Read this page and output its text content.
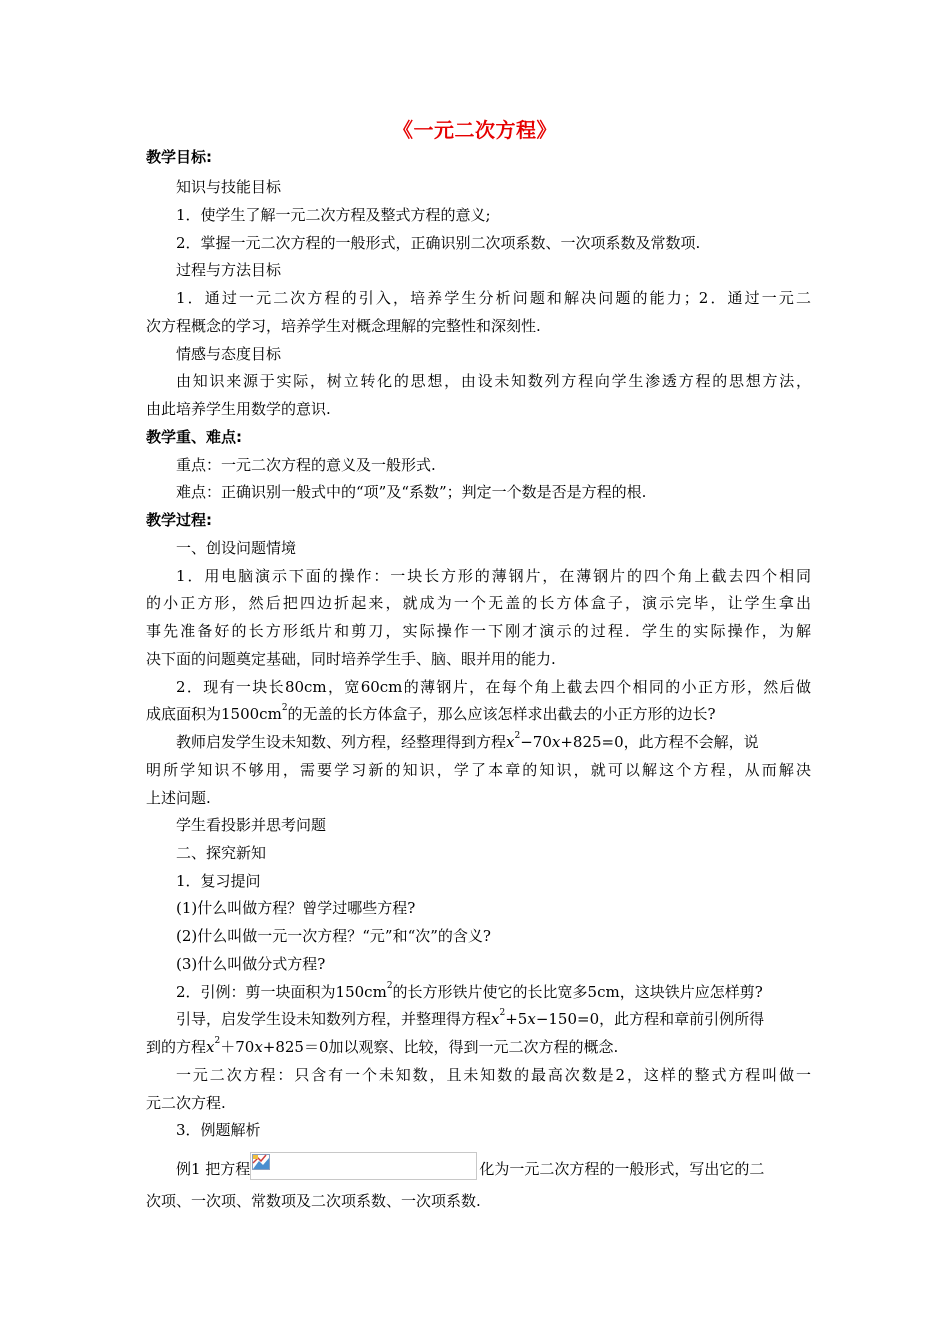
《一元二次方程》
教学目标:
知识与技能目标
1．使学生了解一元二次方程及整式方程的意义;
2．掌握一元二次方程的一般形式，正确识别二次项系数、一次项系数及常数项.
过程与方法目标
1．通过一元二次方程的引入，培养学生分析问题和解决问题的能力；2．通过一元二
次方程概念的学习，培养学生对概念理解的完整性和深刻性.
情感与态度目标
由知识来源于实际，树立转化的思想，由设未知数列方程向学生渗透方程的思想方法，
由此培养学生用数学的意识.
教学重、难点:
重点：一元二次方程的意义及一般形式.
难点：正确识别一般式中的“项”及“系数”；判定一个数是否是方程的根.
教学过程:
一、创设问题情境
1．用电脑演示下面的操作：一块长方形的薄钢片，在薄钢片的四个角上截去四个相同
的小正方形，然后把四边折起来，就成为一个无盖的长方体盒子，演示完毕，让学生拿出
事先准备好的长方形纸片和剪刀，实际操作一下刚才演示的过程．学生的实际操作，为解
决下面的问题奠定基础，同时培养学生手、脑、眼并用的能力.
2．现有一块长80cm，宽60cm的薄钢片，在每个角上截去四个相同的小正方形，然后做
成底面积为$1500cm^2$的无盖的长方体盒子，那么应该怎样求出截去的小正方形的边长?
教师启发学生设未知数、列方程，经整理得到方程$x^2-70x+825=0$，此方程不会解，说
明所学知识不够用，需要学习新的知识，学了本章的知识，就可以解这个方程，从而解决
上述问题.
学生看投影并思考问题
二、探究新知
1．复习提问
(1)什么叫做方程？曾学过哪些方程?
(2)什么叫做一元一次方程？“元”和“次”的含义?
(3)什么叫做分式方程?
2．引例：剪一块面积为$150cm^2$的长方形铁片使它的长比宽多5cm，这块铁片应怎样剪?
引导，启发学生设未知数列方程，并整理得方程$x^2+5x-150=0$，此方程和章前引例所得
到的方程$x^2+70x+825=0$加以观察、比较，得到一元二次方程的概念.
一元二次方程：只含有一个未知数，且未知数的最高次数是2，这样的整式方程叫做一
元二次方程.
3．例题解析
例1 把方程	化为一元二次方程的一般形式，写出它的二
次项、一次项、常数项及二次项系数、一次项系数.
